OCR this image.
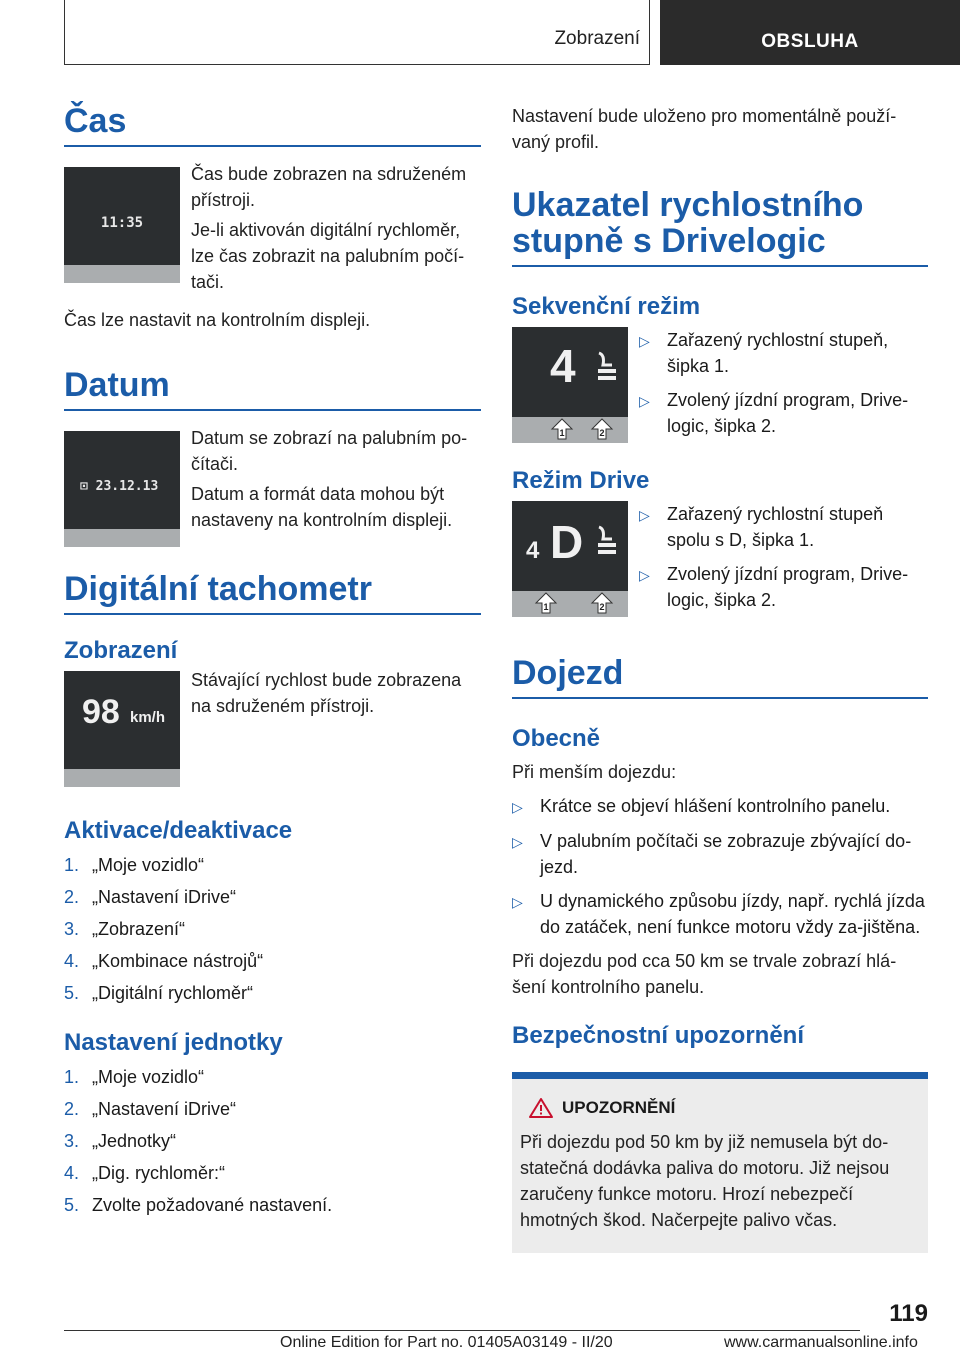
Zobrazení	OBSLUHA
Čas
11:35
Čas bude zobrazen na sdruženém přístroji.
Je-li aktivován digitální rychloměr, lze čas zobrazit na palubním počí-tači.
Čas lze nastavit na kontrolním displeji.
Datum
⊡ 23.12.13
Datum se zobrazí na palubním po-čítači.
Datum a formát data mohou být nastaveny na kontrolním displeji.
Digitální tachometr
Zobrazení
98 km/h
Stávající rychlost bude zobrazena na sdruženém přístroji.
Aktivace/deaktivace
1. „Moje vozidlo“
2. „Nastavení iDrive“
3. „Zobrazení“
4. „Kombinace nástrojů“
5. „Digitální rychloměr“
Nastavení jednotky
1. „Moje vozidlo“
2. „Nastavení iDrive“
3. „Jednotky“
4. „Dig. rychloměr:“
5. Zvolte požadované nastavení.
Nastavení bude uloženo pro momentálně použí-vaný profil.
Ukazatel rychlostního stupně s Drivelogic
Sekvenční režim
4
1	2
▷ Zařazený rychlostní stupeň, šipka 1.
▷ Zvolený jízdní program, Drive-logic, šipka 2.
Režim Drive
4 D
1	2
▷ Zařazený rychlostní stupeň spolu s D, šipka 1.
▷ Zvolený jízdní program, Drive-logic, šipka 2.
Dojezd
Obecně
Při menším dojezdu:
▷ Krátce se objeví hlášení kontrolního panelu.
▷ V palubním počítači se zobrazuje zbývající do-jezd.
▷ U dynamického způsobu jízdy, např. rychlá jízda do zatáček, není funkce motoru vždy za-jištěna.
Při dojezdu pod cca 50 km se trvale zobrazí hlá-šení kontrolního panelu.
Bezpečnostní upozornění
UPOZORNĚNÍ
Při dojezdu pod 50 km by již nemusela být do-statečná dodávka paliva do motoru. Již nejsou zaručeny funkce motoru. Hrozí nebezpečí hmotných škod. Načerpejte palivo včas.
119
Online Edition for Part no. 01405A03149 - II/20	www.carmanualsonline.info
